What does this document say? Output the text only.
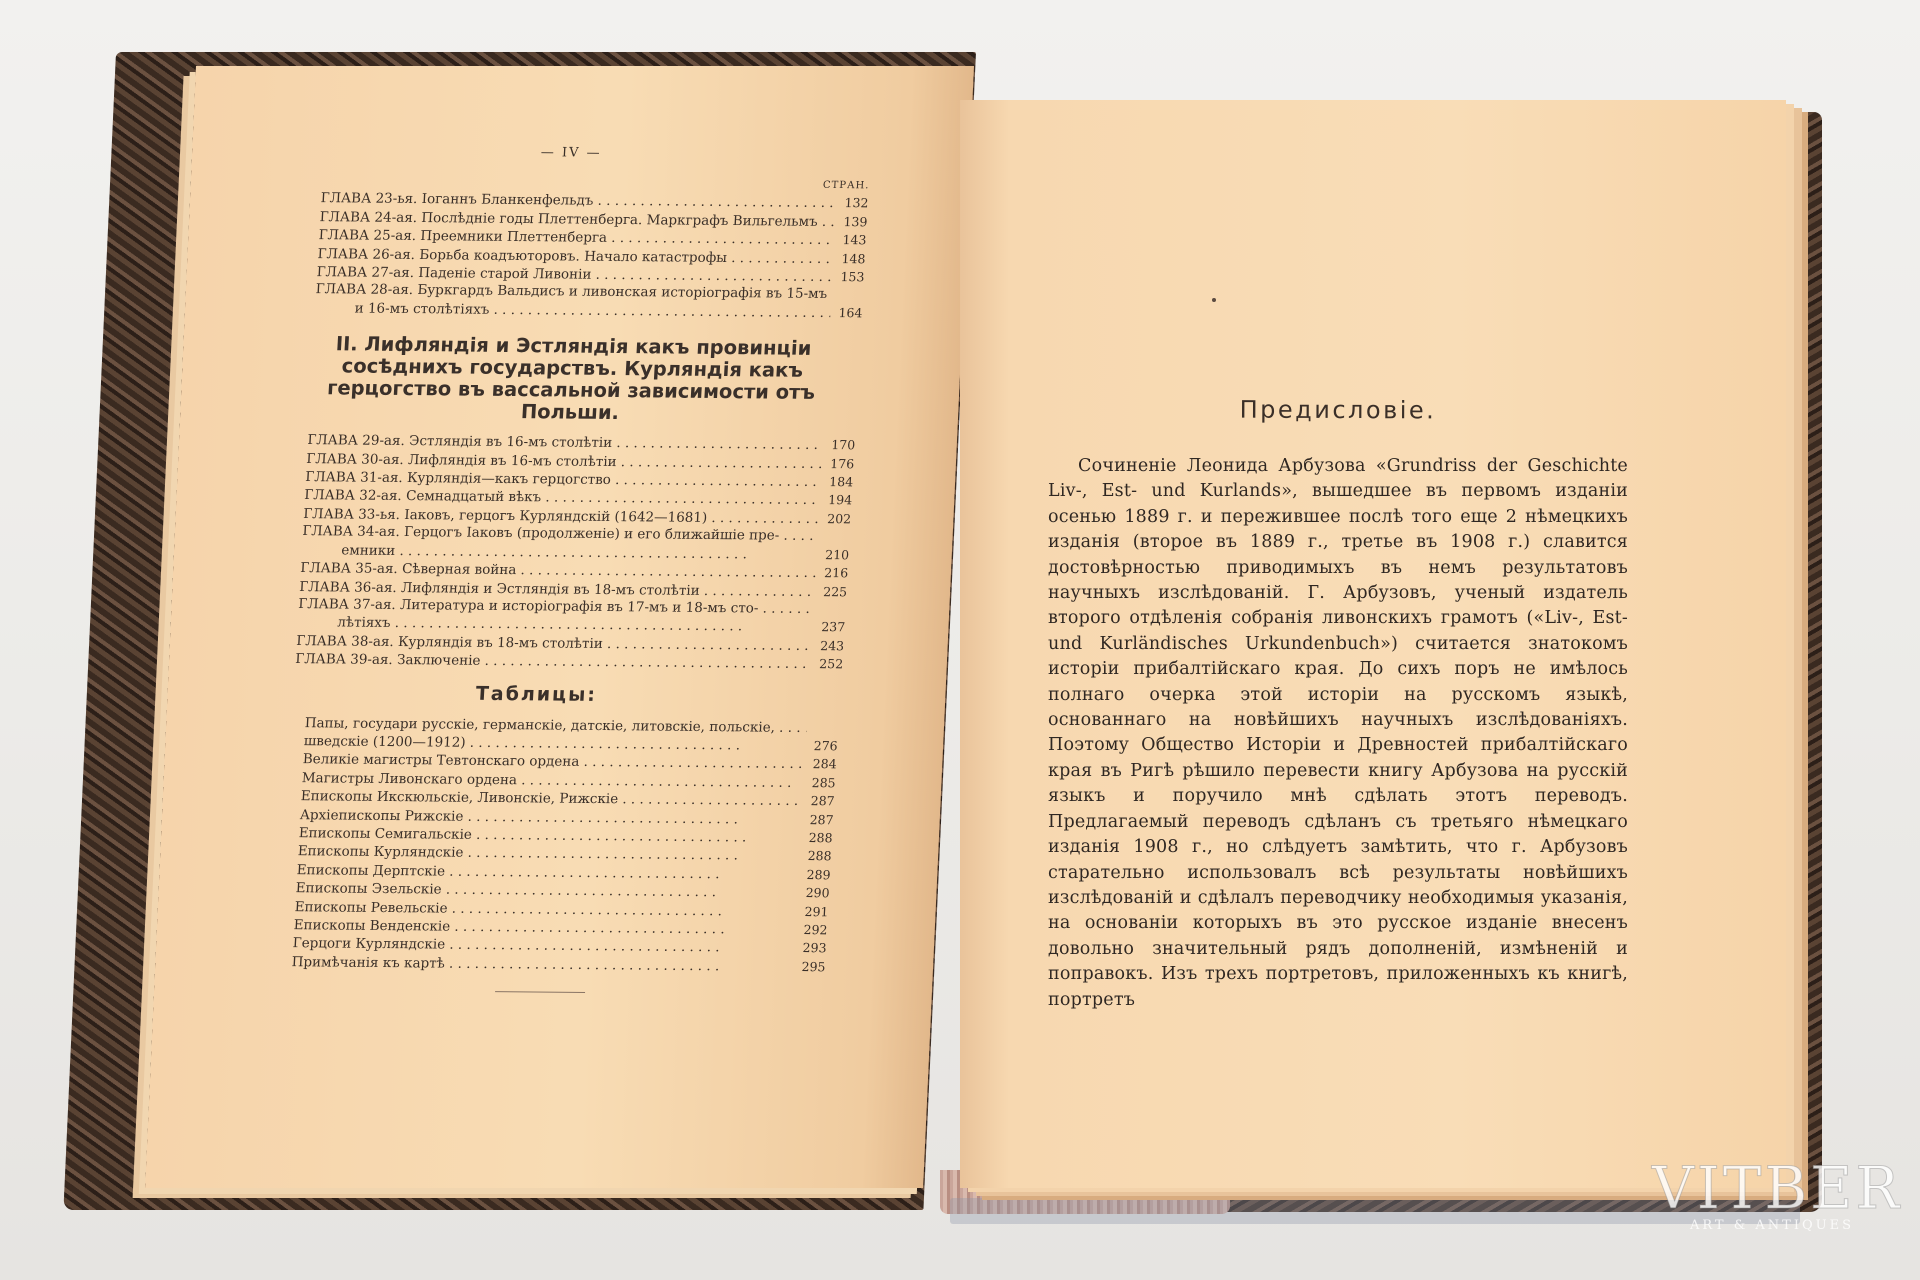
— IV —
СТРАН.
ГЛАВА 23-ья. Іоганнъ Бланкенфельдъ . .	132
ГЛАВА 24-ая. Послѣдніе годы Плеттенберга. Маркграфъ Вильгельмъ . .	139
ГЛАВА 25-ая. Преемники Плеттенберга . .	143
ГЛАВА 26-ая. Борьба коадъюторовъ. Начало катастрофы . .	148
ГЛАВА 27-ая. Паденіе старой Ливоніи . .	153
ГЛАВА 28-ая. Буркгардъ Вальдисъ и ливонская исторіографія въ 15-мъ . .
и 16-мъ столѣтіяхъ . .	164
II. Лифляндія и Эстляндія какъ провинціи сосѣднихъ государствъ. Курляндія какъ герцогство въ вассальной зависимости отъ Польши.
ГЛАВА 29-ая. Эстляндія въ 16-мъ столѣтіи . .	170
ГЛАВА 30-ая. Лифляндія въ 16-мъ столѣтіи . .	176
ГЛАВА 31-ая. Курляндія—какъ герцогство . .	184
ГЛАВА 32-ая. Семнадцатый вѣкъ . .	194
ГЛАВА 33-ья. Іаковъ, герцогъ Курляндскій (1642—1681) . .	202
ГЛАВА 34-ая. Герцогъ Іаковъ (продолженіе) и его ближайшіе пре- . .
емники . .	210
ГЛАВА 35-ая. Сѣверная война . .	216
ГЛАВА 36-ая. Лифляндія и Эстляндія въ 18-мъ столѣтіи . .	225
ГЛАВА 37-ая. Литература и исторіографія въ 17-мъ и 18-мъ сто- . .
лѣтіяхъ . .	237
ГЛАВА 38-ая. Курляндія въ 18-мъ столѣтіи . .	243
ГЛАВА 39-ая. Заключеніе . .	252
Таблицы:
Папы, государи русскіе, германскіе, датскіе, литовскіе, польскіе, . .
шведскіе (1200—1912) . .	276
Великіе магистры Тевтонскаго ордена . .	284
Магистры Ливонскаго ордена . .	285
Епископы Икскюльскіе, Ливонскіе, Рижскіе . .	287
Архіепископы Рижскіе . .	287
Епископы Семигальскіе . .	288
Епископы Курляндскіе . .	288
Епископы Дерптскіе . .	289
Епископы Эзельскіе . .	290
Епископы Ревельскіе . .	291
Епископы Венденскіе . .	292
Герцоги Курляндскіе . .	293
Примѣчанія къ картѣ . .	295
Предисловіе.

Сочиненіе Леонида Арбузова «Grundriss der Geschichte Liv-, Est- und Kurlands», вышедшее въ первомъ изданіи осенью 1889 г. и пережившее послѣ того еще 2 нѣмецкихъ изданія (второе въ 1889 г., третье въ 1908 г.) славится достовѣрностью приводимыхъ въ немъ результатовъ научныхъ изслѣдованій. Г. Арбузовъ, ученый издатель второго отдѣленія собранія ливонскихъ грамотъ («Liv-, Est- und Kurländisches Urkundenbuch») считается знатокомъ исторіи прибалтійскаго края. До сихъ поръ не имѣлось полнаго очерка этой исторіи на русскомъ языкѣ, основаннаго на новѣйшихъ научныхъ изслѣдованіяхъ. Поэтому Общество Исторіи и Древностей прибалтійскаго края въ Ригѣ рѣшило перевести книгу Арбузова на русскій языкъ и поручило мнѣ сдѣлать этотъ переводъ. Предлагаемый переводъ сдѣланъ съ третьяго нѣмецкаго изданія 1908 г., но слѣдуетъ замѣтить, что г. Арбузовъ старательно использовалъ всѣ результаты новѣйшихъ изслѣдованій и сдѣлалъ переводчику необходимыя указанія, на основаніи которыхъ въ это русское изданіе внесенъ довольно значительный рядъ дополненій, измѣненій и поправокъ. Изъ трехъ портретовъ, приложенныхъ къ книгѣ, портретъ

VITBER
ART & ANTIQUES
